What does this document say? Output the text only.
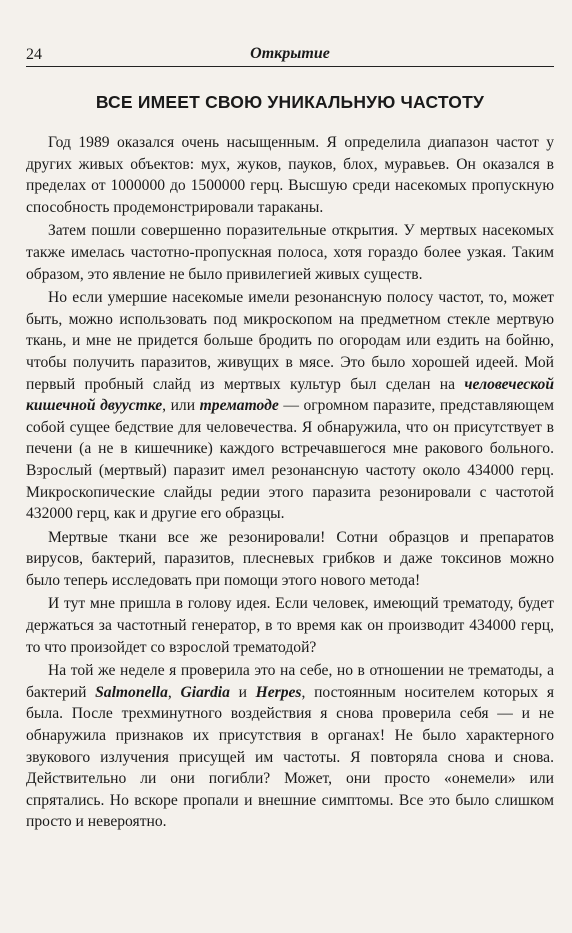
24	Открытие
ВСЕ ИМЕЕТ СВОЮ УНИКАЛЬНУЮ ЧАСТОТУ

Год 1989 оказался очень насыщенным. Я определила диапазон частот у других живых объектов: мух, жуков, пауков, блох, муравьев. Он оказался в пределах от 1000000 до 1500000 герц. Высшую среди насекомых пропускную способность продемонстрировали тараканы.

Затем пошли совершенно поразительные открытия. У мертвых насекомых также имелась частотно-пропускная полоса, хотя гораздо более узкая. Таким образом, это явление не было привилегией живых существ.

Но если умершие насекомые имели резонансную полосу частот, то, может быть, можно использовать под микроскопом на предметном стекле мертвую ткань, и мне не придется больше бродить по огородам или ездить на бойню, чтобы получить паразитов, живущих в мясе. Это было хорошей идеей. Мой первый пробный слайд из мертвых культур был сделан на человеческой кишечной двуустке, или трематоде — огромном паразите, представляющем собой сущее бедствие для человечества. Я обнаружила, что он присутствует в печени (а не в кишечнике) каждого встречавшегося мне ракового больного. Взрослый (мертвый) паразит имел резонансную частоту около 434000 герц. Микроскопические слайды редии этого паразита резонировали с частотой 432000 герц, как и другие его образцы.

Мертвые ткани все же резонировали! Сотни образцов и препаратов вирусов, бактерий, паразитов, плесневых грибков и даже токсинов можно было теперь исследовать при помощи этого нового метода!

И тут мне пришла в голову идея. Если человек, имеющий трематоду, будет держаться за частотный генератор, в то время как он производит 434000 герц, то что произойдет со взрослой трематодой?

На той же неделе я проверила это на себе, но в отношении не трематоды, а бактерий Salmonella, Giardia и Herpes, постоянным носителем которых я была. После трехминутного воздействия я снова проверила себя — и не обнаружила признаков их присутствия в органах! Не было характерного звукового излучения присущей им частоты. Я повторяла снова и снова. Действительно ли они погибли? Может, они просто «онемели» или спрятались. Но вскоре пропали и внешние симптомы. Все это было слишком просто и невероятно.
